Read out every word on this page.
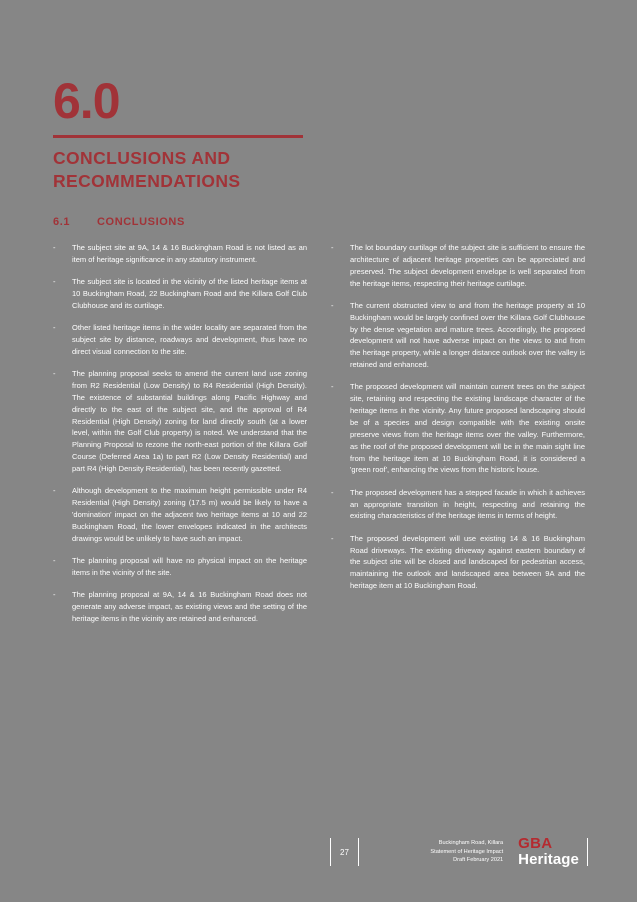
6.0
CONCLUSIONS AND
RECOMMENDATIONS
6.1 CONCLUSIONS
- The subject site at 9A, 14 & 16 Buckingham Road is not listed as an item of heritage significance in any statutory instrument.
- The subject site is located in the vicinity of the listed heritage items at 10 Buckingham Road, 22 Buckingham Road and the Killara Golf Club Clubhouse and its curtilage.
- Other listed heritage items in the wider locality are separated from the subject site by distance, roadways and development, thus have no direct visual connection to the site.
- The planning proposal seeks to amend the current land use zoning from R2 Residential (Low Density) to R4 Residential (High Density). The existence of substantial buildings along Pacific Highway and directly to the east of the subject site, and the approval of R4 Residential (High Density) zoning for land directly south (at a lower level, within the Golf Club property) is noted. We understand that the Planning Proposal to rezone the north-east portion of the Killara Golf Course (Deferred Area 1a) to part R2 (Low Density Residential) and part R4 (High Density Residential), has been recently gazetted.
- Although development to the maximum height permissible under R4 Residential (High Density) zoning (17.5 m) would be likely to have a 'domination' impact on the adjacent two heritage items at 10 and 22 Buckingham Road, the lower envelopes indicated in the architects drawings would be unlikely to have such an impact.
- The planning proposal will have no physical impact on the heritage items in the vicinity of the site.
- The planning proposal at 9A, 14 & 16 Buckingham Road does not generate any adverse impact, as existing views and the setting of the heritage items in the vicinity are retained and enhanced.
- The lot boundary curtilage of the subject site is sufficient to ensure the architecture of adjacent heritage properties can be appreciated and preserved. The subject development envelope is well separated from the heritage items, respecting their heritage curtilage.
- The current obstructed view to and from the heritage property at 10 Buckingham would be largely confined over the Killara Golf Clubhouse by the dense vegetation and mature trees. Accordingly, the proposed development will not have adverse impact on the views to and from the heritage property, while a longer distance outlook over the valley is retained and enhanced.
- The proposed development will maintain current trees on the subject site, retaining and respecting the existing landscape character of the heritage items in the vicinity. Any future proposed landscaping should be of a species and design compatible with the existing onsite preserve views from the heritage items over the valley. Furthermore, as the roof of the proposed development will be in the main sight line from the heritage item at 10 Buckingham Road, it is considered a 'green roof', enhancing the views from the historic house.
- The proposed development has a stepped facade in which it achieves an appropriate transition in height, respecting and retaining the existing characteristics of the heritage items in terms of height.
- The proposed development will use existing 14 & 16 Buckingham Road driveways. The existing driveway against eastern boundary of the subject site will be closed and landscaped for pedestrian access, maintaining the outlook and landscaped area between 9A and the heritage item at 10 Buckingham Road.
27
Buckingham Road, Killara
Statement of Heritage Impact
Draft February 2021
GBA
Heritage
